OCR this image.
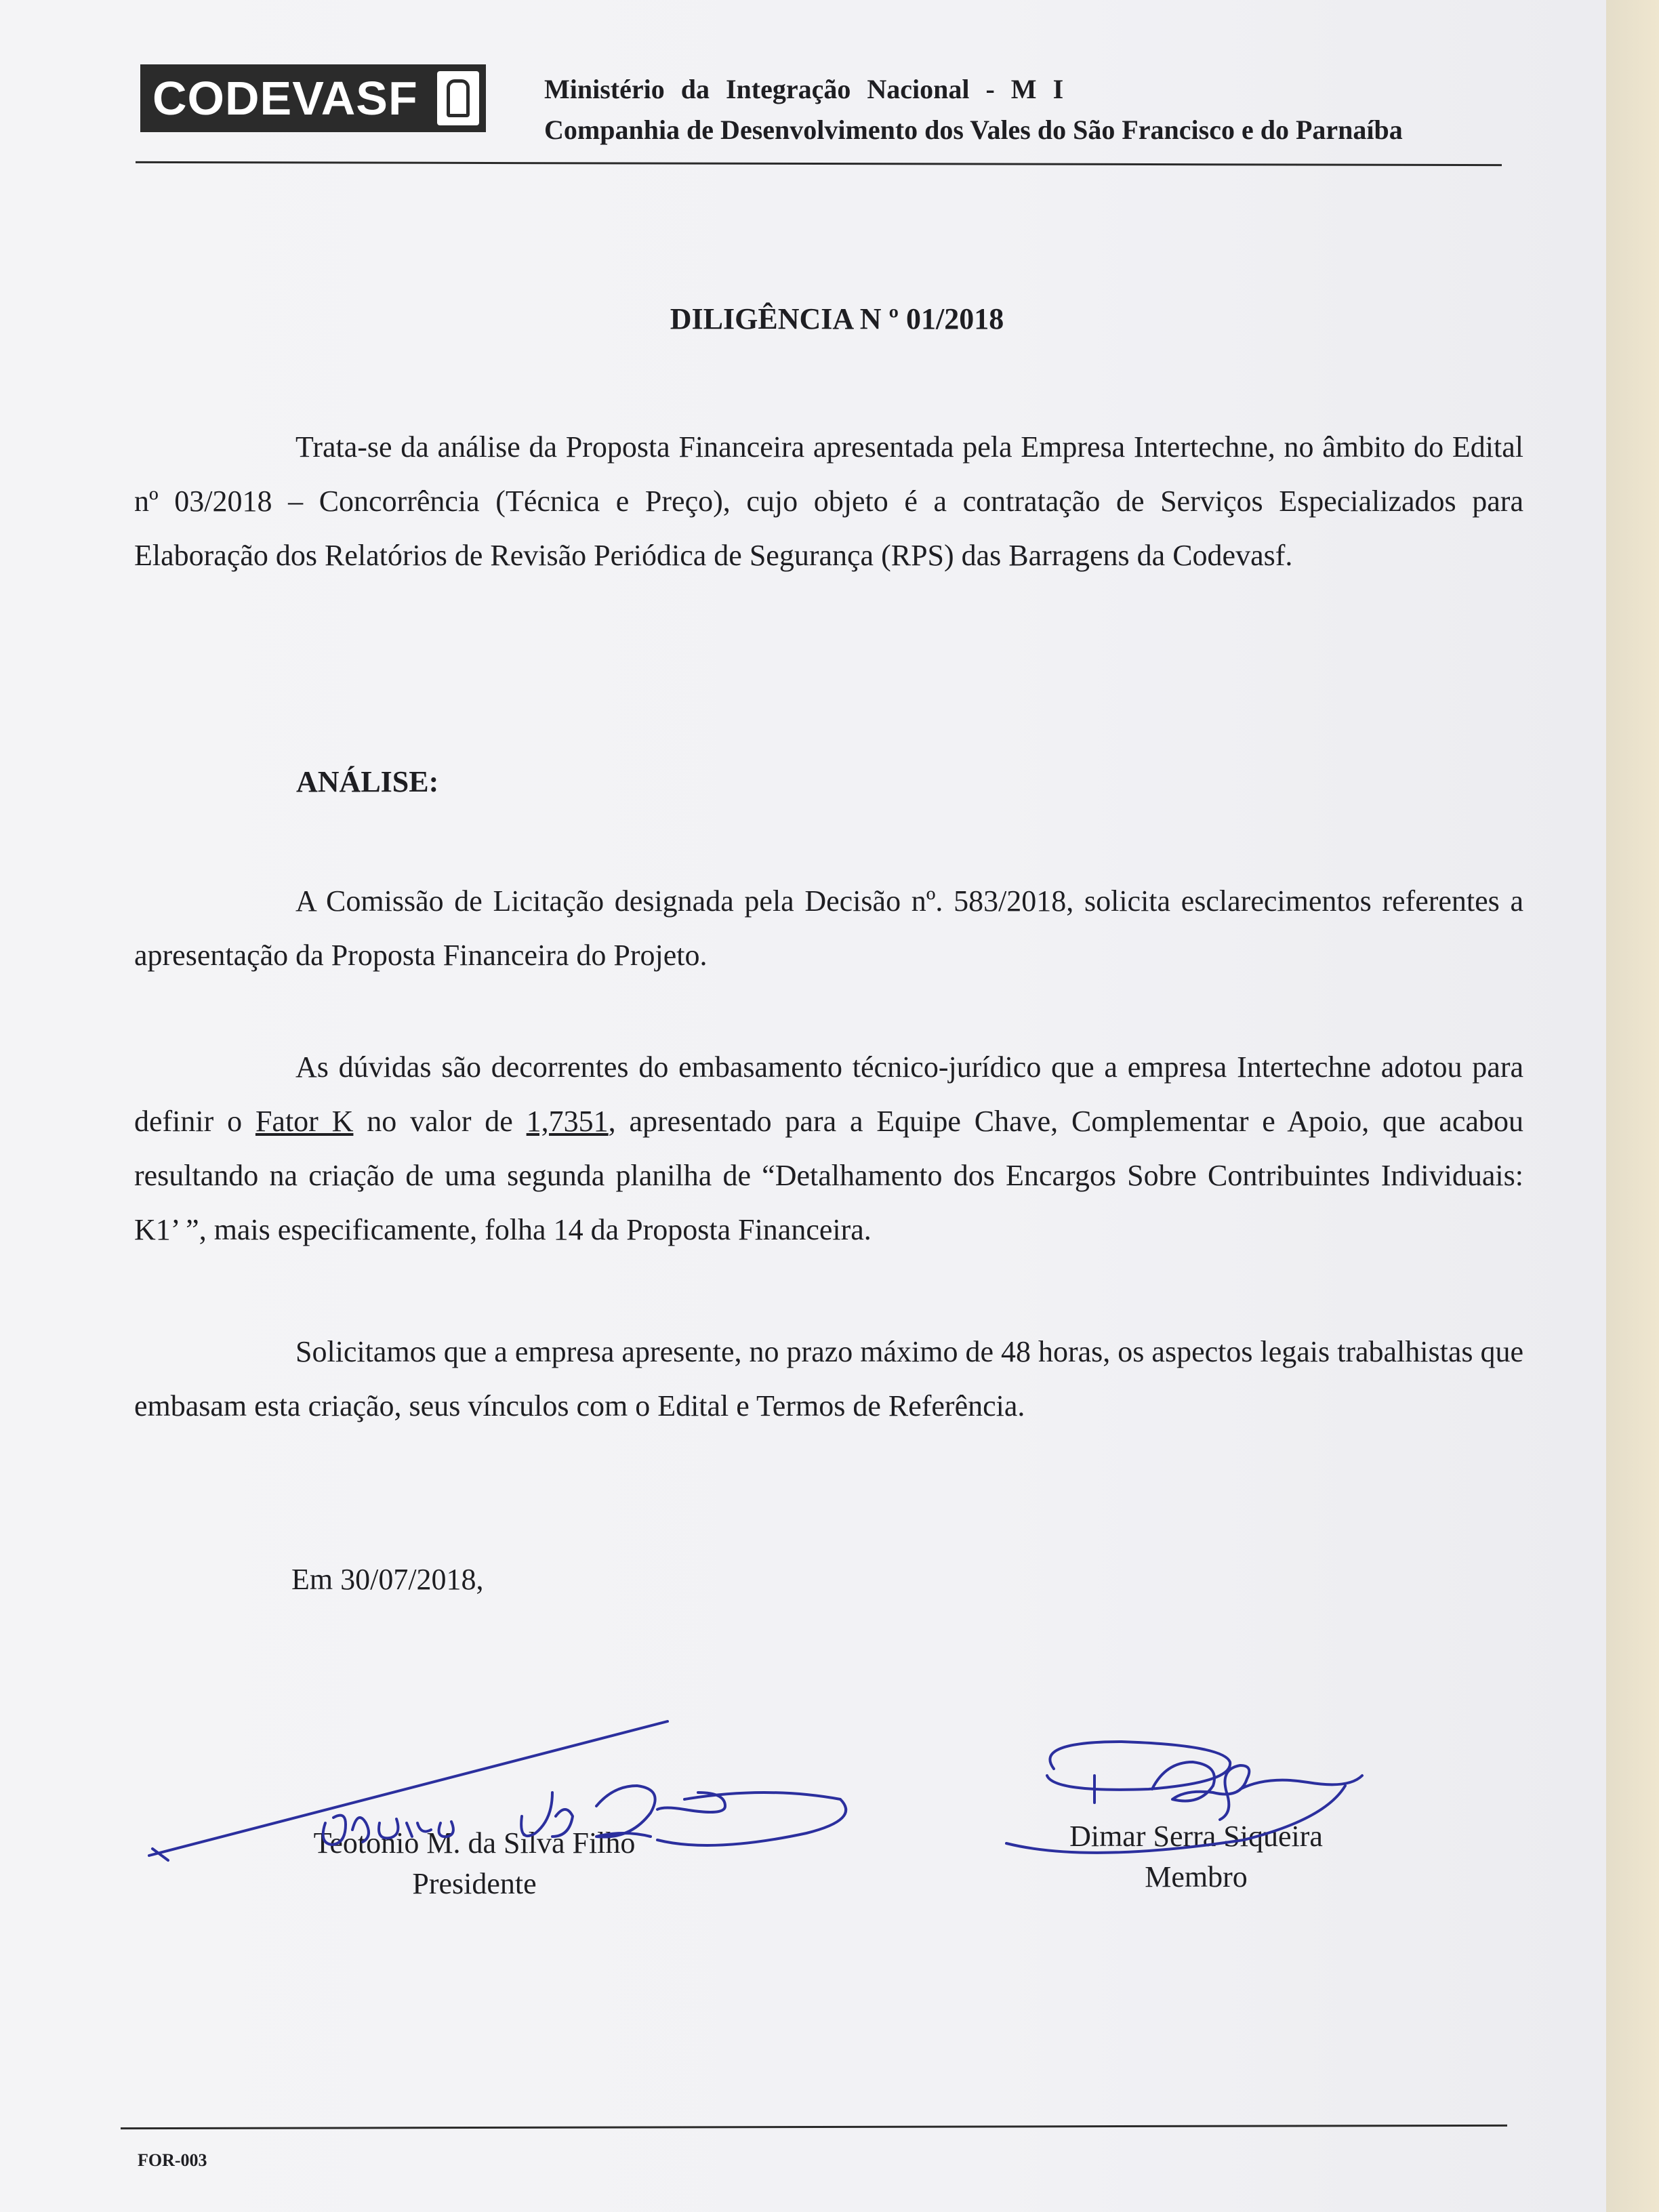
CODEVASF	Ministério da Integração Nacional - M I
Companhia de Desenvolvimento dos Vales do São Francisco e do Parnaíba
DILIGÊNCIA N º 01/2018
Trata-se da análise da Proposta Financeira apresentada pela Empresa Intertechne, no âmbito do Edital nº 03/2018 – Concorrência (Técnica e Preço), cujo objeto é a contratação de Serviços Especializados para Elaboração dos Relatórios de Revisão Periódica de Segurança (RPS) das Barragens da Codevasf.
ANÁLISE:
A Comissão de Licitação designada pela Decisão nº. 583/2018, solicita esclarecimentos referentes a apresentação da Proposta Financeira do Projeto.
As dúvidas são decorrentes do embasamento técnico-jurídico que a empresa Intertechne adotou para definir o Fator K no valor de 1,7351, apresentado para a Equipe Chave, Complementar e Apoio, que acabou resultando na criação de uma segunda planilha de “Detalhamento dos Encargos Sobre Contribuintes Individuais: K1’ ”, mais especificamente, folha 14 da Proposta Financeira.
Solicitamos que a empresa apresente, no prazo máximo de 48 horas, os aspectos legais trabalhistas que embasam esta criação, seus vínculos com o Edital e Termos de Referência.
Em 30/07/2018,
Teotonio M. da Silva Filho
Presidente
Dimar Serra Siqueira
Membro
FOR-003
